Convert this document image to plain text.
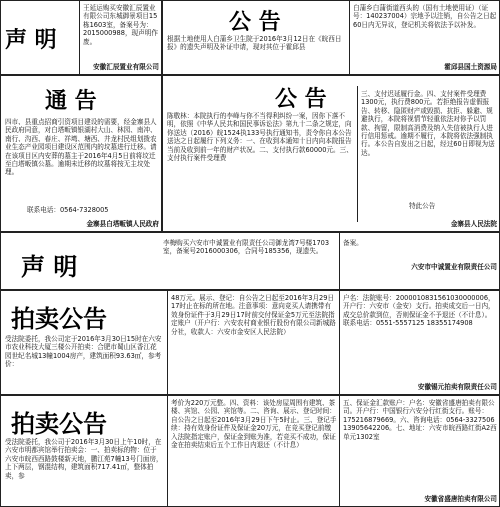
声 明
王延运购买安徽汇辰置业有限公司东城御景项目15栋1603室，备案号为：2015000988，现声明作废。
安徽汇辰置业有限公司
公 告
根据土地使用人白蒲乡卫生院于2016年3月12日在《皖西日报》的遗失声明及补证申请，现对其位于霍邱县
白蒲乡白蒲街道西头的（国有土地使用证）（证号：140237004）宗地予以注销，自公告之日起60日内无异议，登记机关将依法予以补发。
霍邱县国土资源局
通 告
四市、县重点招商引资项目建设的需要，经金寨县人民政府同意，对白塔畈镇银湖村大山、林园、南冲、南行、沟西、春庄、祥塆、塘西、井龙村民组划拨农业生态产业园项目建设区范围内的坟墓进行迁移。请在该项目区内安葬的墓主于2016年4月5日前将坟迁至白塔畈镇公墓。逾期未迁移的坟墓将按无主坟处理。
联系电话：0564-7328005
金寨县白塔畈镇人民政府
公 告
陈敬林：本院执行的李峰与你不当得利纠纷一案，因你下落不明，依照《中华人民共和国民事诉讼法》第九十二条之规定，向你送达（2016）皖1524执133号执行通知书，责令你自本公告送达之日起履行下列义务：一、在收到本通知十日内向本院报告当前及收到前一年的财产状况。二、支付执行款60000元。三、支付执行案件受理费
三、支付迟延履行金。四、支付案件受理费1300元，执行费800元。若拒绝报告虚假报告、转移、隐匿财产或毁损、抗拒、躲避、规避执行，本院将视情节轻重依法对你予以罚款、拘留，限制高消费及纳入失信被执行人进行信用惩戒。逾期不履行，本院将依法强制执行。本公告自发出之日起，经过60日即视为送达。
特此公告
金寨县人民法院
声 明
李梅购买六安市中诚置业有限责任公司御龙湾7号楼1703室，备案号2016000306，合同号185356，现遗失。
备案。
六安市中诚置业有限责任公司
拍卖公告
受法院委托，我公司定于2016年3月30日15时在六安市农业科技大厦三楼公开拍卖：合肥市蜀山区香江花园世纪名城13幢1004房产，建筑面积93.63㎡，参考价：
48万元。展示、登记：自公告之日起至2016年3月29日17时止在标的所在地。注意事项：意向竞买人请携带有效身份证件于3月29日17时前交付保证金5万元至法院指定账户（开户行：六安农村商业银行股份有限公司新城路分社，收款人：六安市金安区人民法院）
户名：法院账号：2000010831561030000006，开户行：六安市（金安）支行。拍卖成交后一日内，成交总价款到位，否则保证金不予退还（不计息）。联系电话：0551-5557125 18355174908
安徽锡元拍卖有限责任公司
拍卖公告
受法院委托，我公司于2016年3月30日上午10时，在六安市明都宾馆举行拍卖会：一、拍卖标的物：位于六安市皖西西路鼓楼新天地，鹏江苑7幢13号门面房，上下两层，钢混结构，建筑面积717.41㎡，整体拍卖，参
考价为220万元整。四、资料：该处房屋周围有建筑、茶楼、宾馆、公园、宾馆等。二、咨询、展示、登记时间：自公告之日起至2016年3月29日下午5时止。三、登记手续：持有效身份证件及保证金20万元，在竞买登记前缴入法院指定账户，保证金到账为准，若竞买不成功，保证金在拍卖结束后五个工作日内退还（不计息）
五、保证金汇款账户：户名：安徽省盛唐拍卖有限公司。开户行：中国银行六安分行红街支行。账号：175216879669。六、咨询电话：0564-3327506 13905642206。七、地址：六安市皖西路红街A2西单元1302室
安徽省盛唐拍卖有限公司
